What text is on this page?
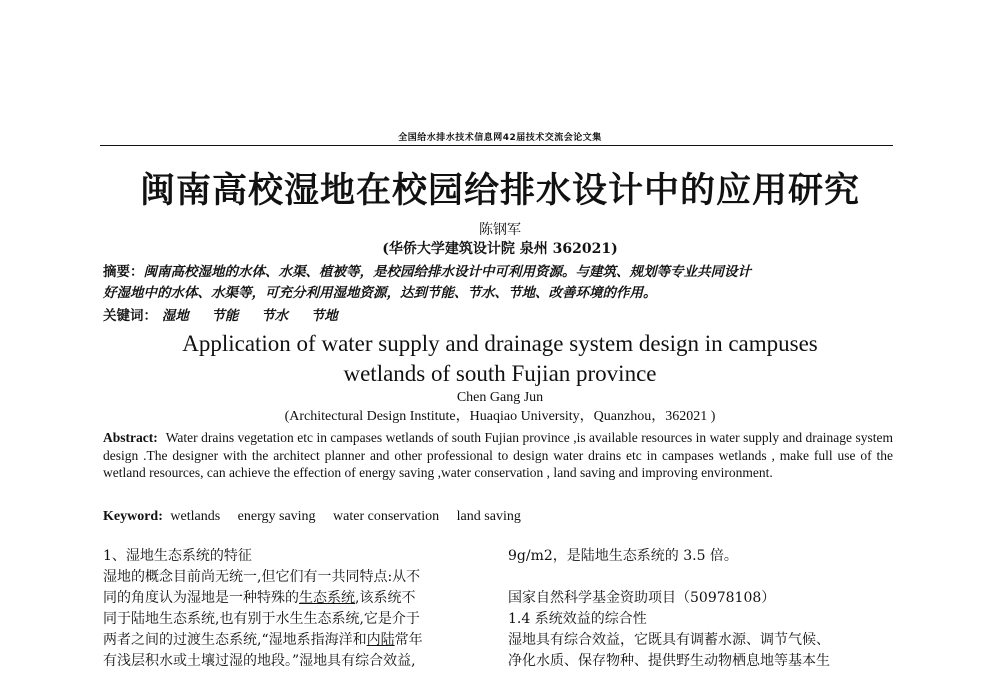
全国给水排水技术信息网42届技术交流会论文集
闽南高校湿地在校园给排水设计中的应用研究
陈钢军
(华侨大学建筑设计院 泉州 362021)
摘要：闽南高校湿地的水体、水渠、植被等，是校园给排水设计中可利用资源。与建筑、规划等专业共同设计
好湿地中的水体、水渠等，可充分利用湿地资源，达到节能、节水、节地、改善环境的作用。
关键词： 湿地 节能 节水 节地
Application of water supply and drainage system design in campuses
wetlands of south Fujian province
Chen Gang Jun
(Architectural Design Institute，Huaqiao University，Quanzhou，362021 )
Abstract: Water drains vegetation etc in campases wetlands of south Fujian province ,is available resources in water supply and drainage system design .The designer with the architect planner and other professional to design water drains etc in campases wetlands , make full use of the wetland resources, can achieve the effection of energy saving ,water conservation , land saving and improving environment.
Keyword: wetlands energy saving water conservation land saving

1、湿地生态系统的特征

湿地的概念目前尚无统一,但它们有一共同特点:从不

同的角度认为湿地是一种特殊的生态系统,该系统不

同于陆地生态系统,也有别于水生生态系统,它是介于

两者之间的过渡生态系统,“湿地系指海洋和内陆常年

有浅层积水或土壤过湿的地段。”湿地具有综合效益,

9g/m2，是陆地生态系统的 3.5 倍。

国家自然科学基金资助项目（50978108）

1.4 系统效益的综合性

湿地具有综合效益，它既具有调蓄水源、调节气候、

净化水质、保存物种、提供野生动物栖息地等基本生
